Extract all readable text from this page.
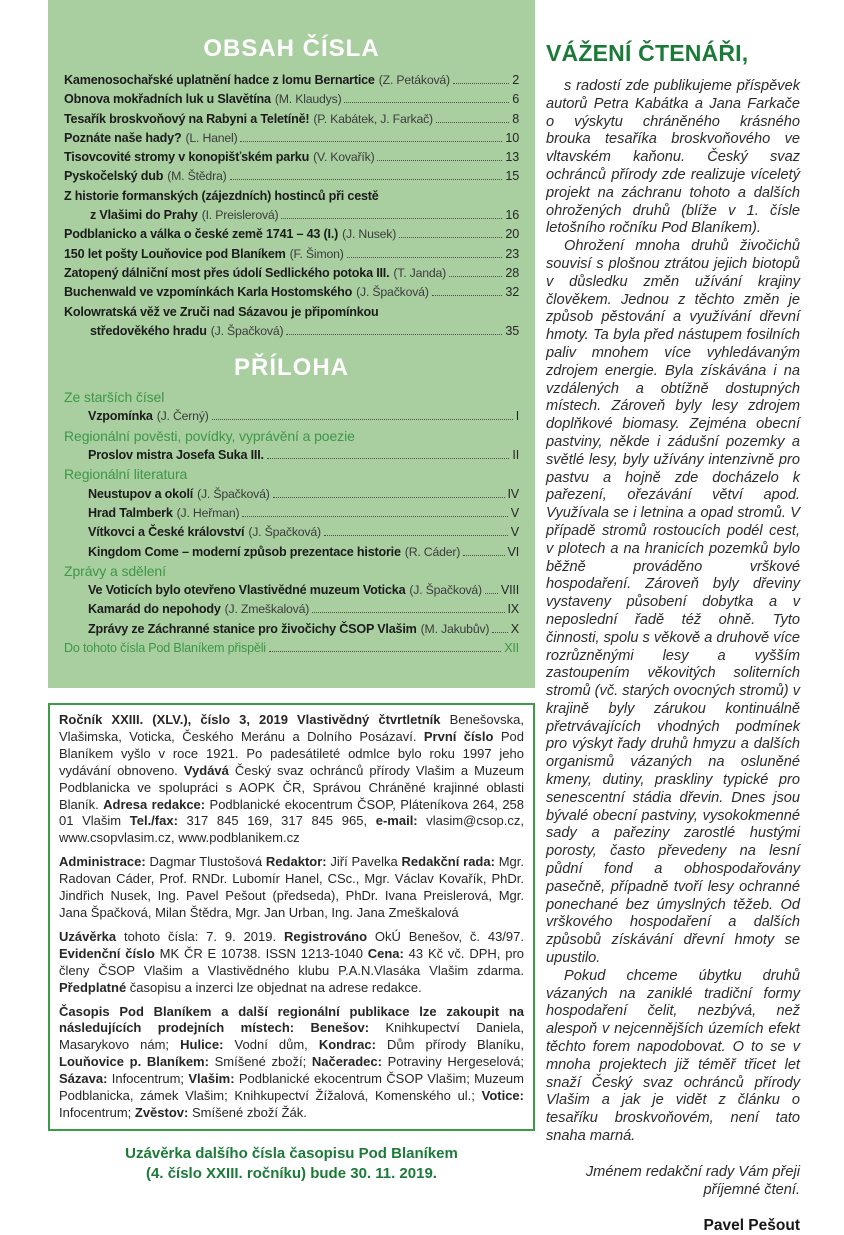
OBSAH ČÍSLA
Kamenosochařské uplatnění hadce z lomu Bernartice (Z. Petáková)	2
Obnova mokřadních luk u Slavětína (M. Klaudys)	6
Tesařík broskvoňový na Rabyni a Teletíně! (P. Kabátek, J. Farkač)	8
Poznáte naše hady? (L. Hanel)	10
Tisovcovité stromy v konopišťském parku (V. Kovařík)	13
Pyskočelský dub (M. Štědra)	15
Z historie formanských (zájezdních) hostinců při cestě
z Vlašimi do Prahy (I. Preislerová)	16
Podblanicko a válka o české země 1741 – 43 (I.) (J. Nusek)	20
150 let pošty Louňovice pod Blaníkem (F. Šimon)	23
Zatopený dálniční most přes údolí Sedlického potoka III. (T. Janda)	28
Buchenwald ve vzpomínkách Karla Hostomského (J. Špačková)	32
Kolowratská věž ve Zruči nad Sázavou je připomínkou
středověkého hradu (J. Špačková)	35
PŘÍLOHA
Ze starších čísel
Vzpomínka (J. Černý)	I
Regionální pověsti, povídky, vyprávění a poezie
Proslov mistra Josefa Suka III.	II
Regionální literatura
Neustupov a okolí (J. Špačková)	IV
Hrad Talmberk (J. Heřman)	V
Vítkovci a České království (J. Špačková)	V
Kingdom Come – moderní způsob prezentace historie (R. Cáder)	VI
Zprávy a sdělení
Ve Voticích bylo otevřeno Vlastivědné muzeum Voticka (J. Špačková) VIII
Kamarád do nepohody (J. Zmeškalová)	IX
Zprávy ze Záchranné stanice pro živočichy ČSOP Vlašim (M. Jakubův) X
Do tohoto čísla Pod Blaníkem přispěli	XII

Ročník XXIII. (XLV.), číslo 3, 2019 Vlastivědný čtvrtletník Benešovska, Vlašimska, Voticka, Českého Meránu a Dolního Posázaví. První číslo Pod Blaníkem vyšlo v roce 1921. Po padesátileté odmlce bylo roku 1997 jeho vydávání obnoveno. Vydává Český svaz ochránců přírody Vlašim a Muzeum Podblanicka ve spolupráci s AOPK ČR, Správou Chráněné krajinné oblasti Blaník. Adresa redakce: Podblanické ekocentrum ČSOP, Pláteníkova 264, 258 01 Vlašim Tel./fax: 317 845 169, 317 845 965, e-mail: vlasim@csop.cz, www.csopvlasim.cz, www.podblanikem.cz

Administrace: Dagmar Tlustošová Redaktor: Jiří Pavelka Redakční rada: Mgr. Radovan Cáder, Prof. RNDr. Lubomír Hanel, CSc., Mgr. Václav Kovařík, PhDr. Jindřich Nusek, Ing. Pavel Pešout (předseda), PhDr. Ivana Preislerová, Mgr. Jana Špačková, Milan Štědra, Mgr. Jan Urban, Ing. Jana Zmeškalová

Uzávěrka tohoto čísla: 7. 9. 2019. Registrováno OkÚ Benešov, č. 43/97. Evidenční číslo MK ČR E 10738. ISSN 1213-1040 Cena: 43 Kč vč. DPH, pro členy ČSOP Vlašim a Vlastivědného klubu P.A.N.Vlasáka Vlašim zdarma. Předplatné časopisu a inzerci lze objednat na adrese redakce.

Časopis Pod Blaníkem a další regionální publikace lze zakoupit na následujících prodejních místech: Benešov: Knihkupectví Daniela, Masarykovo nám; Hulice: Vodní dům, Kondrac: Dům přírody Blaníku, Louňovice p. Blaníkem: Smíšené zboží; Načeradec: Potraviny Hergeselová; Sázava: Infocentrum; Vlašim: Podblanické ekocentrum ČSOP Vlašim; Muzeum Podblanicka, zámek Vlašim; Knihkupectví Žížalová, Komenského ul.; Votice: Infocentrum; Zvěstov: Smíšené zboží Žák.

Uzávěrka dalšího čísla časopisu Pod Blaníkem
(4. číslo XXIII. ročníku) bude 30. 11. 2019.
VÁŽENÍ ČTENÁŘI,

s radostí zde publikujeme příspěvek autorů Petra Kabátka a Jana Farkače o výskytu chráněného krásného brouka tesaříka broskvoňového ve vltavském kaňonu. Český svaz ochránců přírody zde realizuje víceletý projekt na záchranu tohoto a dalších ohrožených druhů (blíže v 1. čísle letošního ročníku Pod Blaníkem).

Ohrožení mnoha druhů živočichů souvisí s plošnou ztrátou jejich biotopů v důsledku změn užívání krajiny člověkem. Jednou z těchto změn je způsob pěstování a využívání dřevní hmoty. Ta byla před nástupem fosilních paliv mnohem více vyhledávaným zdrojem energie. Byla získávána i na vzdálených a obtížně dostupných místech. Zároveň byly lesy zdrojem doplňkové biomasy. Zejména obecní pastviny, někde i zádušní pozemky a světlé lesy, byly užívány intenzivně pro pastvu a hojně zde docházelo k pařezení, ořezávání větví apod. Využívala se i letnina a opad stromů. V případě stromů rostoucích podél cest, v plotech a na hranicích pozemků bylo běžně prováděno vrškové hospodaření. Zároveň byly dřeviny vystaveny působení dobytka a v neposlední řadě též ohně. Tyto činnosti, spolu s věkově a druhově více rozrůzněnými lesy a vyšším zastoupením věkovitých soliterních stromů (vč. starých ovocných stromů) v krajině byly zárukou kontinuálně přetrvávajících vhodných podmínek pro výskyt řady druhů hmyzu a dalších organismů vázaných na osluněné kmeny, dutiny, praskliny typické pro senescentní stádia dřevin. Dnes jsou bývalé obecní pastviny, vysokokmenné sady a pařeziny zarostlé hustými porosty, často převedeny na lesní půdní fond a obhospodařovány pasečně, případně tvoří lesy ochranné ponechané bez úmyslných těžeb. Od vrškového hospodaření a dalších způsobů získávání dřevní hmoty se upustilo.

Pokud chceme úbytku druhů vázaných na zaniklé tradiční formy hospodaření čelit, nezbývá, než alespoň v nejcennějších územích efekt těchto forem napodobovat. O to se v mnoha projektech již téměř třicet let snaží Český svaz ochránců přírody Vlašim a jak je vidět z článku o tesaříku broskvoňovém, není tato snaha marná.

Jménem redakční rady Vám přeji příjemné čtení.
Pavel Pešout
